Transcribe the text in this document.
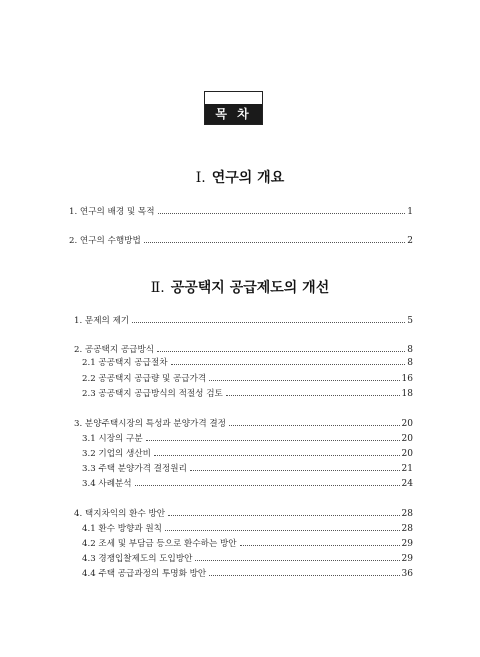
목 차
Ⅰ. 연구의 개요
1. 연구의 배경 및 목적	1
2. 연구의 수행방법	2
Ⅱ. 공공택지 공급제도의 개선
1. 문제의 제기	5
2. 공공택지 공급방식	8
2.1 공공택지 공급절차	8
2.2 공공택지 공급량 및 공급가격	16
2.3 공공택지 공급방식의 적절성 검토	18
3. 분양주택시장의 특성과 분양가격 결정	20
3.1 시장의 구분	20
3.2 기업의 생산비	20
3.3 주택 분양가격 결정원리	21
3.4 사례분석	24
4. 택지차익의 환수 방안	28
4.1 환수 방향과 원칙	28
4.2 조세 및 부담금 등으로 환수하는 방안	29
4.3 경쟁입찰제도의 도입방안	29
4.4 주택 공급과정의 투명화 방안	36
